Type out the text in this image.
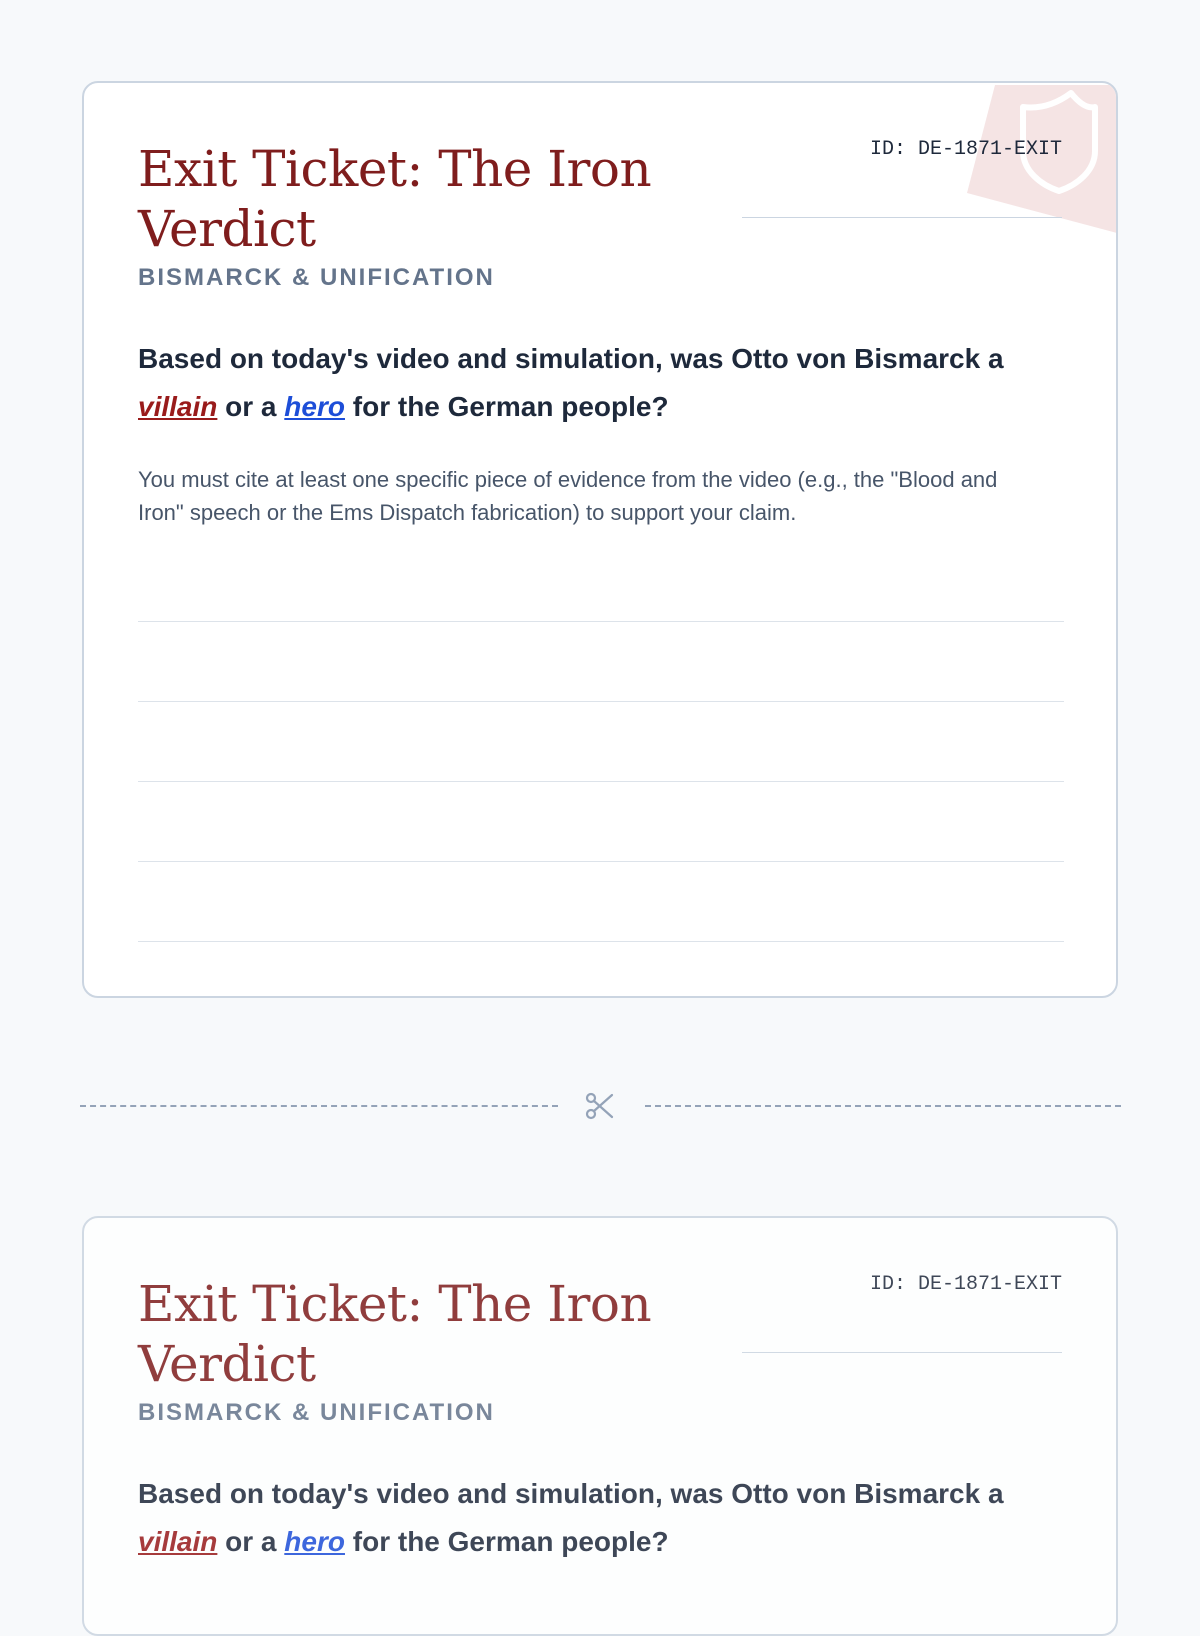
Exit Ticket: The Iron Verdict
BISMARCK & UNIFICATION
ID: DE-1871-EXIT

Based on today's video and simulation, was Otto von Bismarck a villain or a hero for the German people?

You must cite at least one specific piece of evidence from the video (e.g., the "Blood and Iron" speech or the Ems Dispatch fabrication) to support your claim.

Exit Ticket: The Iron Verdict
BISMARCK & UNIFICATION
ID: DE-1871-EXIT

Based on today's video and simulation, was Otto von Bismarck a villain or a hero for the German people?
